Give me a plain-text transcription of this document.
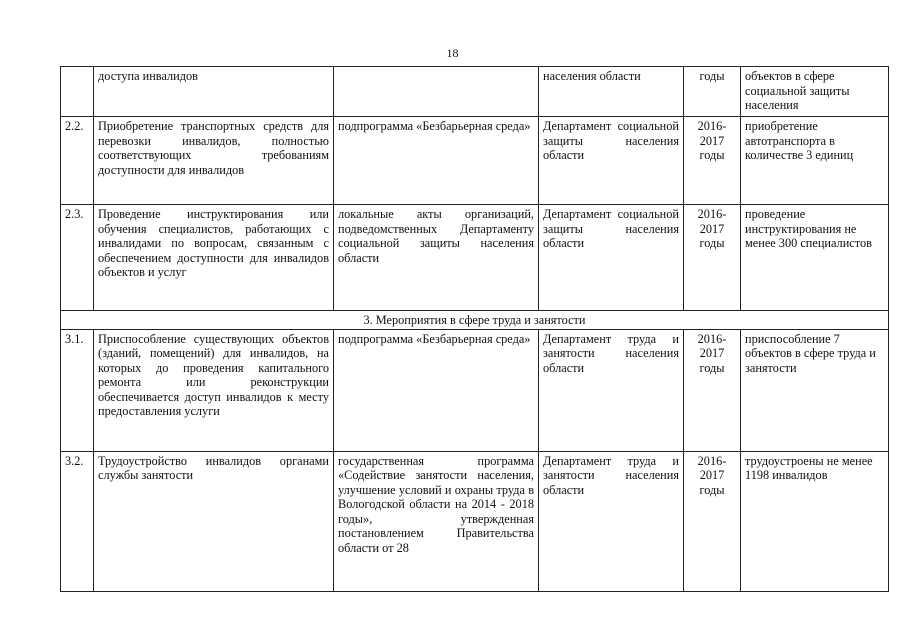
18
	доступа инвалидов		населения области	годы	объектов в сфере социальной защиты населения
2.2.	Приобретение транспортных средств для перевозки инвалидов, полностью соответствующих требованиям доступности для инвалидов	подпрограмма «Безбарьерная среда»	Департамент социальной защиты населения области	2016-2017 годы	приобретение автотранспорта в количестве 3 единиц
2.3.	Проведение инструктирования или обучения специалистов, работающих с инвалидами по вопросам, связанным с обеспечением доступности для инвалидов объектов и услуг	локальные акты организаций, подведомственных Департаменту социальной защиты населения области	Департамент социальной защиты населения области	2016-2017 годы	проведение инструктирования не менее 300 специалистов
3. Мероприятия в сфере труда и занятости					
3.1.	Приспособление существующих объектов (зданий, помещений) для инвалидов, на которых до проведения капитального ремонта или реконструкции обеспечивается доступ инвалидов к месту предоставления услуги	подпрограмма «Безбарьерная среда»	Департамент труда и занятости населения области	2016-2017 годы	приспособление 7 объектов в сфере труда и занятости
3.2.	Трудоустройство инвалидов органами службы занятости	государственная программа «Содействие занятости населения, улучшение условий и охраны труда в Вологодской области на 2014 - 2018 годы», утвержденная постановлением Правительства области от 28	Департамент труда и занятости населения области	2016-2017 годы	трудоустроены не менее 1198 инвалидов
